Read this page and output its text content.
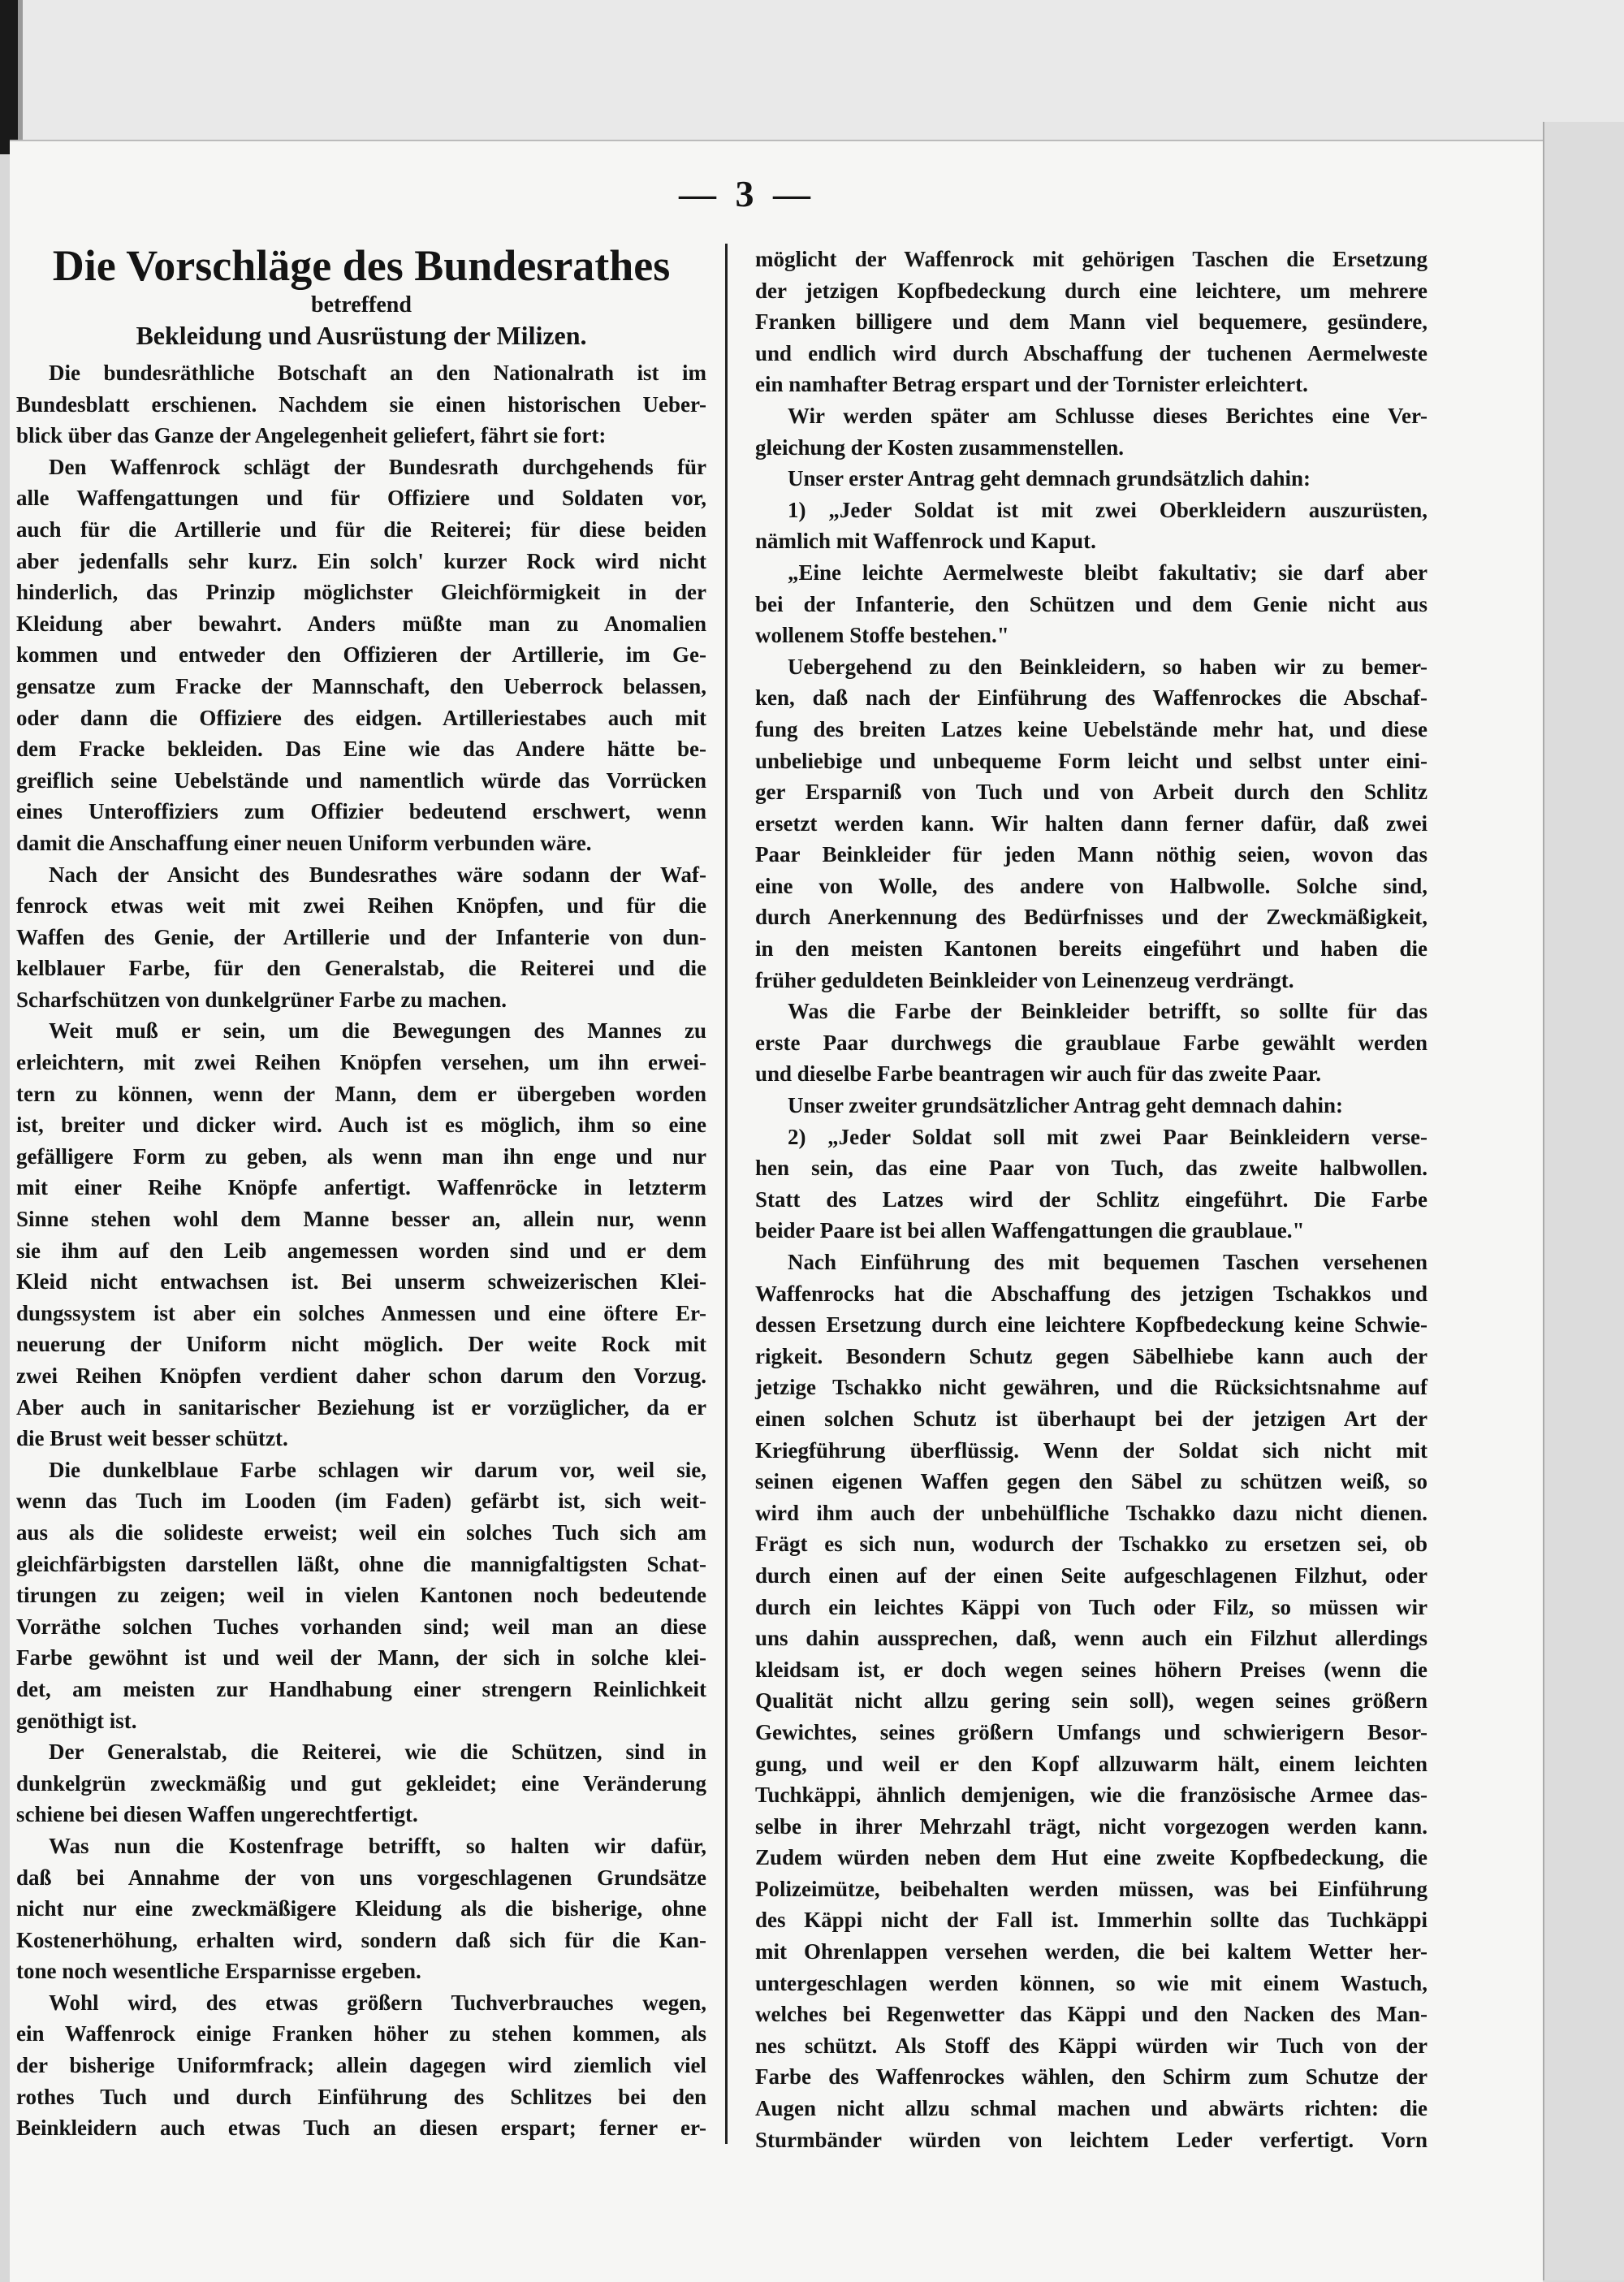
— 3 —
Die Vorschläge des Bundesrathes
betreffend
Bekleidung und Ausrüstung der Milizen.
Die bundesräthliche Botschaft an den Nationalrath ist im
Bundesblatt erschienen. Nachdem sie einen historischen Ueber-
blick über das Ganze der Angelegenheit geliefert, fährt sie fort:
Den Waffenrock schlägt der Bundesrath durchgehends für
alle Waffengattungen und für Offiziere und Soldaten vor,
auch für die Artillerie und für die Reiterei; für diese beiden
aber jedenfalls sehr kurz. Ein solch' kurzer Rock wird nicht
hinderlich, das Prinzip möglichster Gleichförmigkeit in der
Kleidung aber bewahrt. Anders müßte man zu Anomalien
kommen und entweder den Offizieren der Artillerie, im Ge-
gensatze zum Fracke der Mannschaft, den Ueberrock belassen,
oder dann die Offiziere des eidgen. Artilleriestabes auch mit
dem Fracke bekleiden. Das Eine wie das Andere hätte be-
greiflich seine Uebelstände und namentlich würde das Vorrücken
eines Unteroffiziers zum Offizier bedeutend erschwert, wenn
damit die Anschaffung einer neuen Uniform verbunden wäre.
Nach der Ansicht des Bundesrathes wäre sodann der Waf-
fenrock etwas weit mit zwei Reihen Knöpfen, und für die
Waffen des Genie, der Artillerie und der Infanterie von dun-
kelblauer Farbe, für den Generalstab, die Reiterei und die
Scharfschützen von dunkelgrüner Farbe zu machen.
Weit muß er sein, um die Bewegungen des Mannes zu
erleichtern, mit zwei Reihen Knöpfen versehen, um ihn erwei-
tern zu können, wenn der Mann, dem er übergeben worden
ist, breiter und dicker wird. Auch ist es möglich, ihm so eine
gefälligere Form zu geben, als wenn man ihn enge und nur
mit einer Reihe Knöpfe anfertigt. Waffenröcke in letzterm
Sinne stehen wohl dem Manne besser an, allein nur, wenn
sie ihm auf den Leib angemessen worden sind und er dem
Kleid nicht entwachsen ist. Bei unserm schweizerischen Klei-
dungssystem ist aber ein solches Anmessen und eine öftere Er-
neuerung der Uniform nicht möglich. Der weite Rock mit
zwei Reihen Knöpfen verdient daher schon darum den Vorzug.
Aber auch in sanitarischer Beziehung ist er vorzüglicher, da er
die Brust weit besser schützt.
Die dunkelblaue Farbe schlagen wir darum vor, weil sie,
wenn das Tuch im Looden (im Faden) gefärbt ist, sich weit-
aus als die solideste erweist; weil ein solches Tuch sich am
gleichfärbigsten darstellen läßt, ohne die mannigfaltigsten Schat-
tirungen zu zeigen; weil in vielen Kantonen noch bedeutende
Vorräthe solchen Tuches vorhanden sind; weil man an diese
Farbe gewöhnt ist und weil der Mann, der sich in solche klei-
det, am meisten zur Handhabung einer strengern Reinlichkeit
genöthigt ist.
Der Generalstab, die Reiterei, wie die Schützen, sind in
dunkelgrün zweckmäßig und gut gekleidet; eine Veränderung
schiene bei diesen Waffen ungerechtfertigt.
Was nun die Kostenfrage betrifft, so halten wir dafür,
daß bei Annahme der von uns vorgeschlagenen Grundsätze
nicht nur eine zweckmäßigere Kleidung als die bisherige, ohne
Kostenerhöhung, erhalten wird, sondern daß sich für die Kan-
tone noch wesentliche Ersparnisse ergeben.
Wohl wird, des etwas größern Tuchverbrauches wegen,
ein Waffenrock einige Franken höher zu stehen kommen, als
der bisherige Uniformfrack; allein dagegen wird ziemlich viel
rothes Tuch und durch Einführung des Schlitzes bei den
Beinkleidern auch etwas Tuch an diesen erspart; ferner er-
möglicht der Waffenrock mit gehörigen Taschen die Ersetzung
der jetzigen Kopfbedeckung durch eine leichtere, um mehrere
Franken billigere und dem Mann viel bequemere, gesündere,
und endlich wird durch Abschaffung der tuchenen Aermelweste
ein namhafter Betrag erspart und der Tornister erleichtert.
Wir werden später am Schlusse dieses Berichtes eine Ver-
gleichung der Kosten zusammenstellen.
Unser erster Antrag geht demnach grundsätzlich dahin:
1) „Jeder Soldat ist mit zwei Oberkleidern auszurüsten,
nämlich mit Waffenrock und Kaput.
„Eine leichte Aermelweste bleibt fakultativ; sie darf aber
bei der Infanterie, den Schützen und dem Genie nicht aus
wollenem Stoffe bestehen."
Uebergehend zu den Beinkleidern, so haben wir zu bemer-
ken, daß nach der Einführung des Waffenrockes die Abschaf-
fung des breiten Latzes keine Uebelstände mehr hat, und diese
unbeliebige und unbequeme Form leicht und selbst unter eini-
ger Ersparniß von Tuch und von Arbeit durch den Schlitz
ersetzt werden kann. Wir halten dann ferner dafür, daß zwei
Paar Beinkleider für jeden Mann nöthig seien, wovon das
eine von Wolle, des andere von Halbwolle. Solche sind,
durch Anerkennung des Bedürfnisses und der Zweckmäßigkeit,
in den meisten Kantonen bereits eingeführt und haben die
früher geduldeten Beinkleider von Leinenzeug verdrängt.
Was die Farbe der Beinkleider betrifft, so sollte für das
erste Paar durchwegs die graublaue Farbe gewählt werden
und dieselbe Farbe beantragen wir auch für das zweite Paar.
Unser zweiter grundsätzlicher Antrag geht demnach dahin:
2) „Jeder Soldat soll mit zwei Paar Beinkleidern verse-
hen sein, das eine Paar von Tuch, das zweite halbwollen.
Statt des Latzes wird der Schlitz eingeführt. Die Farbe
beider Paare ist bei allen Waffengattungen die graublaue."
Nach Einführung des mit bequemen Taschen versehenen
Waffenrocks hat die Abschaffung des jetzigen Tschakkos und
dessen Ersetzung durch eine leichtere Kopfbedeckung keine Schwie-
rigkeit. Besondern Schutz gegen Säbelhiebe kann auch der
jetzige Tschakko nicht gewähren, und die Rücksichtsnahme auf
einen solchen Schutz ist überhaupt bei der jetzigen Art der
Kriegführung überflüssig. Wenn der Soldat sich nicht mit
seinen eigenen Waffen gegen den Säbel zu schützen weiß, so
wird ihm auch der unbehülfliche Tschakko dazu nicht dienen.
Frägt es sich nun, wodurch der Tschakko zu ersetzen sei, ob
durch einen auf der einen Seite aufgeschlagenen Filzhut, oder
durch ein leichtes Käppi von Tuch oder Filz, so müssen wir
uns dahin aussprechen, daß, wenn auch ein Filzhut allerdings
kleidsam ist, er doch wegen seines höhern Preises (wenn die
Qualität nicht allzu gering sein soll), wegen seines größern
Gewichtes, seines größern Umfangs und schwierigern Besor-
gung, und weil er den Kopf allzuwarm hält, einem leichten
Tuchkäppi, ähnlich demjenigen, wie die französische Armee das-
selbe in ihrer Mehrzahl trägt, nicht vorgezogen werden kann.
Zudem würden neben dem Hut eine zweite Kopfbedeckung, die
Polizeimütze, beibehalten werden müssen, was bei Einführung
des Käppi nicht der Fall ist. Immerhin sollte das Tuchkäppi
mit Ohrenlappen versehen werden, die bei kaltem Wetter her-
untergeschlagen werden können, so wie mit einem Wastuch,
welches bei Regenwetter das Käppi und den Nacken des Man-
nes schützt. Als Stoff des Käppi würden wir Tuch von der
Farbe des Waffenrockes wählen, den Schirm zum Schutze der
Augen nicht allzu schmal machen und abwärts richten: die
Sturmbänder würden von leichtem Leder verfertigt. Vorn
